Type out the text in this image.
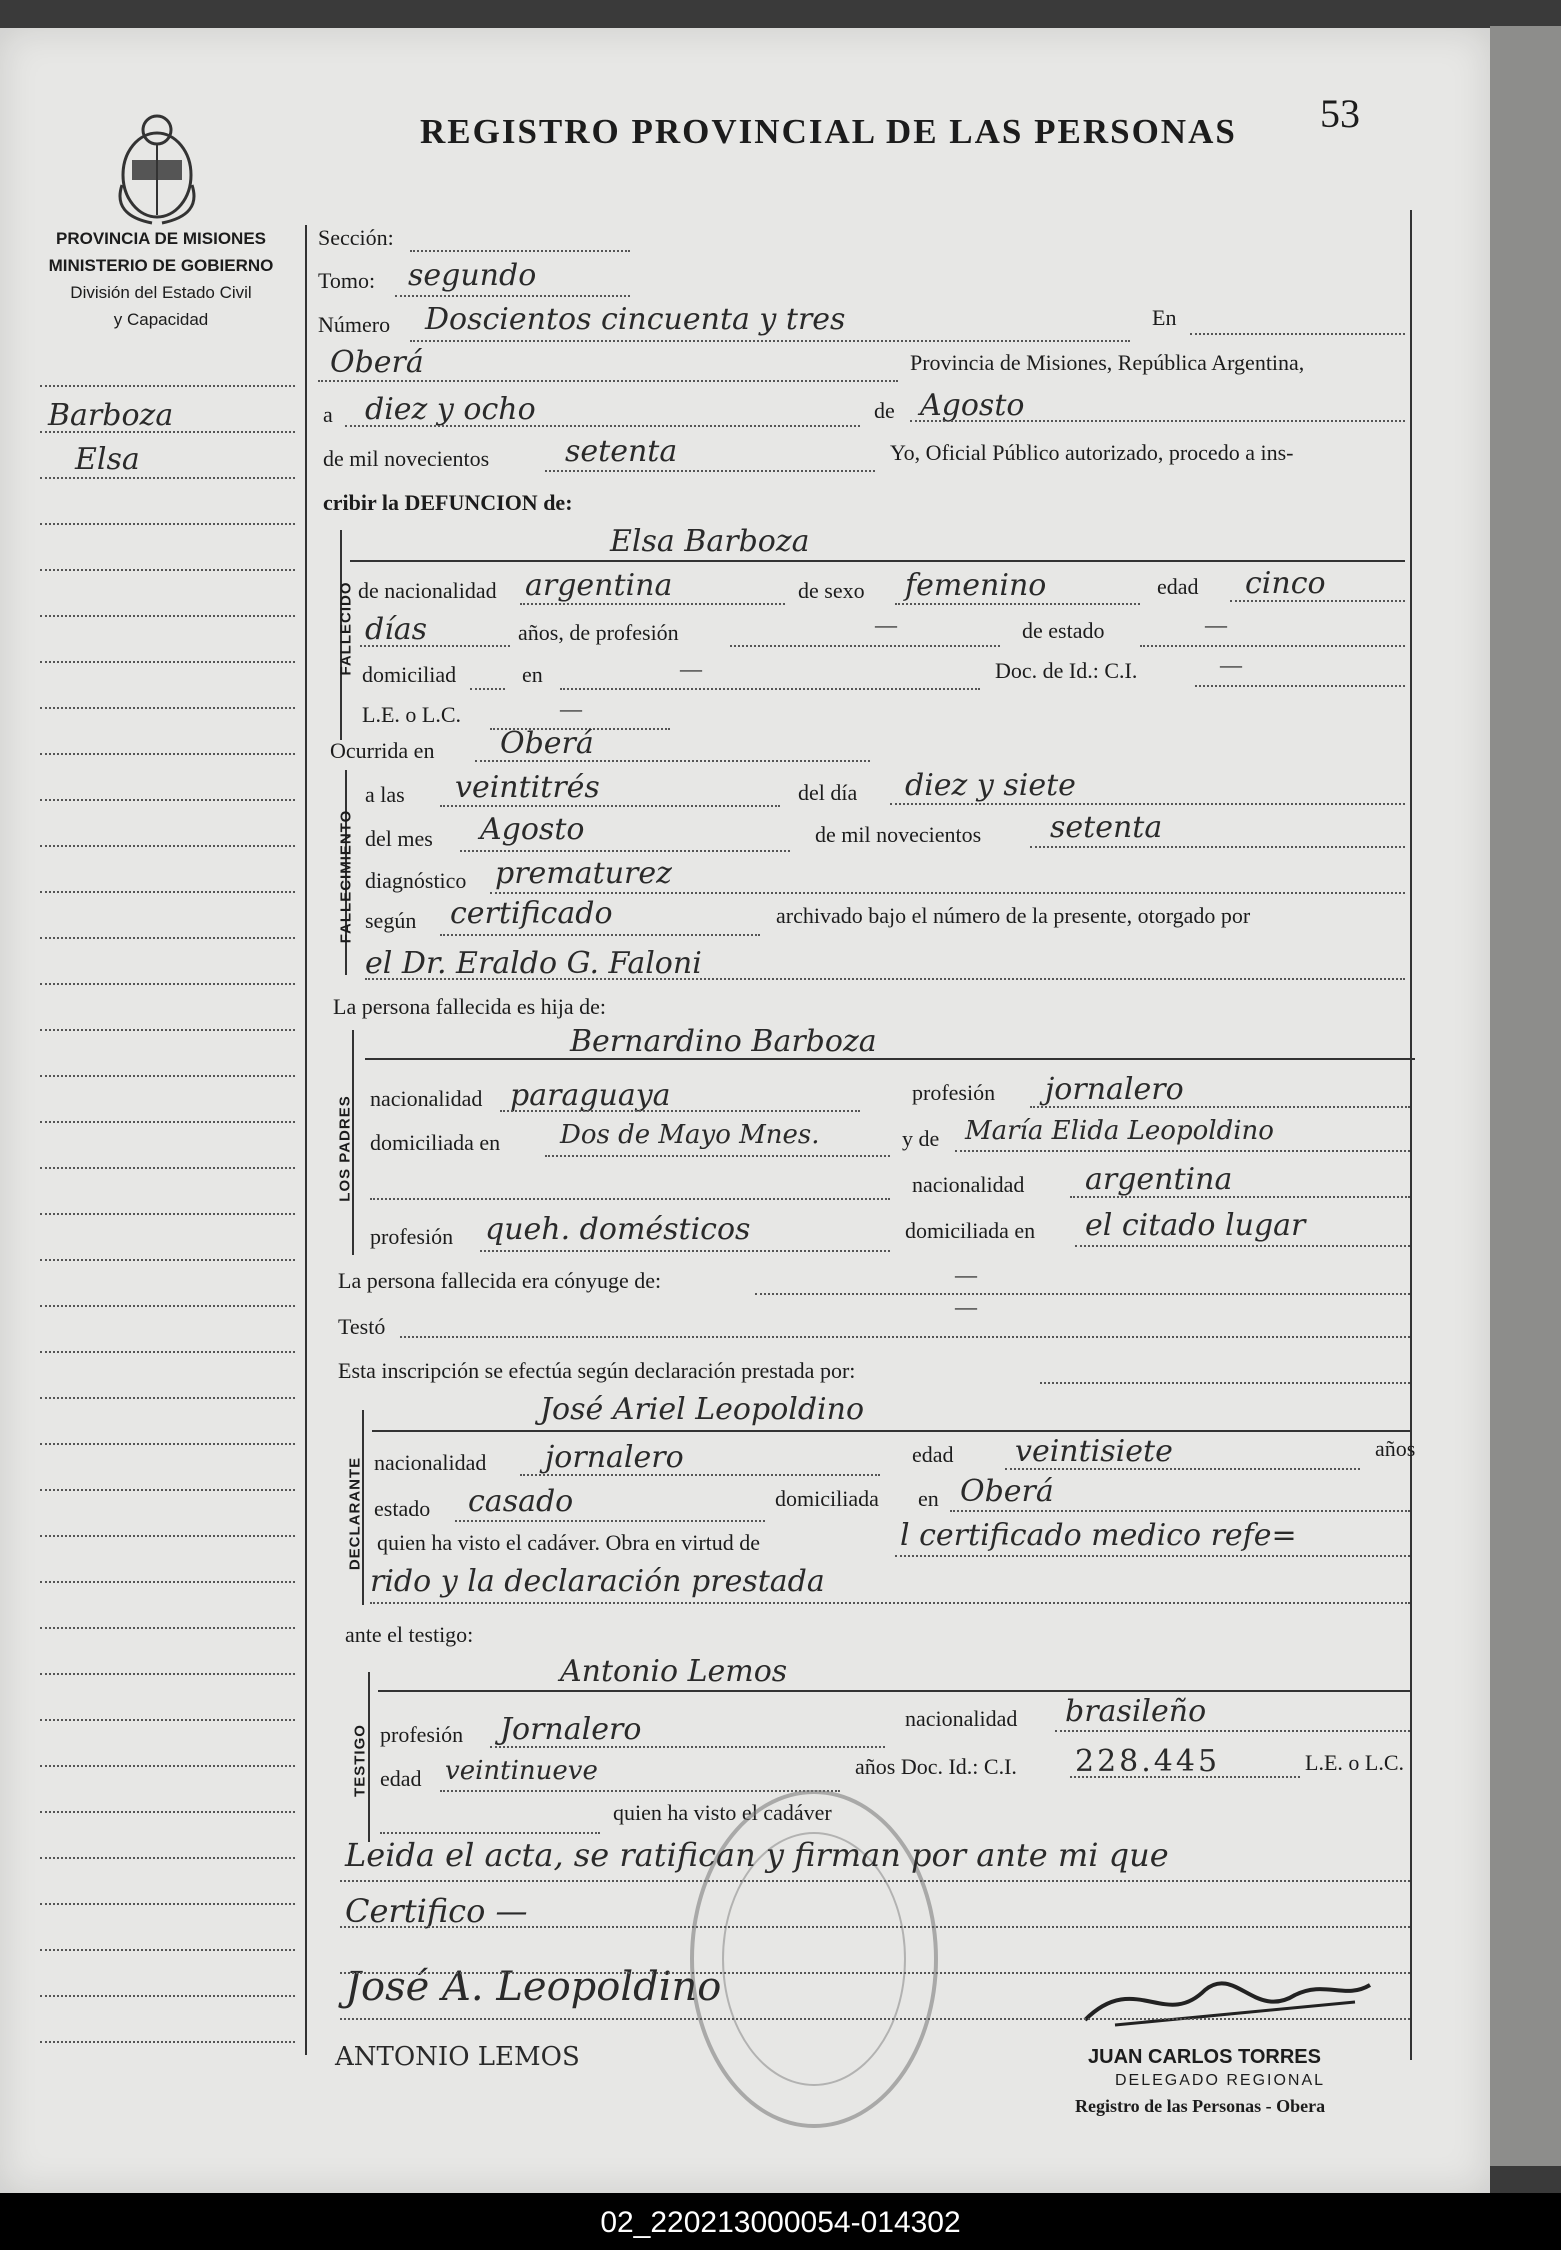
REGISTRO PROVINCIAL DE LAS PERSONAS 53
PROVINCIA DE MISIONES
MINISTERIO DE GOBIERNO
División del Estado Civil
y Capacidad
Barboza
Elsa
Sección:
Tomo: segundo
Número Doscientos cincuenta y tres	En
Oberá	Provincia de Misiones, República Argentina,
a diez y ocho	de Agosto
de mil novecientos	setenta	Yo, Oficial Público autorizado, procedo a ins-
cribir la DEFUNCION de:
FALLECIDO
Elsa Barboza
de nacionalidad argentina	de sexo femenino	edad cinco
días	años, de profesión	—	de estado	—
domiciliad	en	—	Doc. de Id.: C.I.	—
L.E. o L.C.	—
Ocurrida en Oberá
FALLECIMIENTO
a las veintitrés	del día diez y siete
del mes Agosto	de mil novecientos setenta
diagnóstico prematurez
según certificado	archivado bajo el número de la presente, otorgado por
el Dr. Eraldo G. Faloni
La persona fallecida es hija de:
LOS PADRES
Bernardino Barboza
nacionalidad paraguaya	profesión jornalero
domiciliada en Dos de Mayo Mnes.	y de María Elida Leopoldino
nacionalidad argentina
profesión queh. domésticos	domiciliada en el citado lugar
La persona fallecida era cónyuge de:	—
Testó
—
Esta inscripción se efectúa según declaración prestada por:
DECLARANTE
José Ariel Leopoldino
nacionalidad jornalero	edad veintisiete	años
estado casado	domiciliada en Oberá
quien ha visto el cadáver. Obra en virtud de	l certificado medico refe=
rido y la declaración prestada
ante el testigo:
TESTIGO
Antonio Lemos
profesión Jornalero	nacionalidad brasileño
edad veintinueve	años Doc. Id.: C.I. 228.445	L.E. o L.C.
quien ha visto el cadáver
Leida el acta, se ratifican y firman por ante mi que
Certifico —
José A. Leopoldino
ANTONIO LEMOS	JUAN CARLOS TORRES
DELEGADO REGIONAL
Registro de las Personas - Obera
02_220213000054-014302
